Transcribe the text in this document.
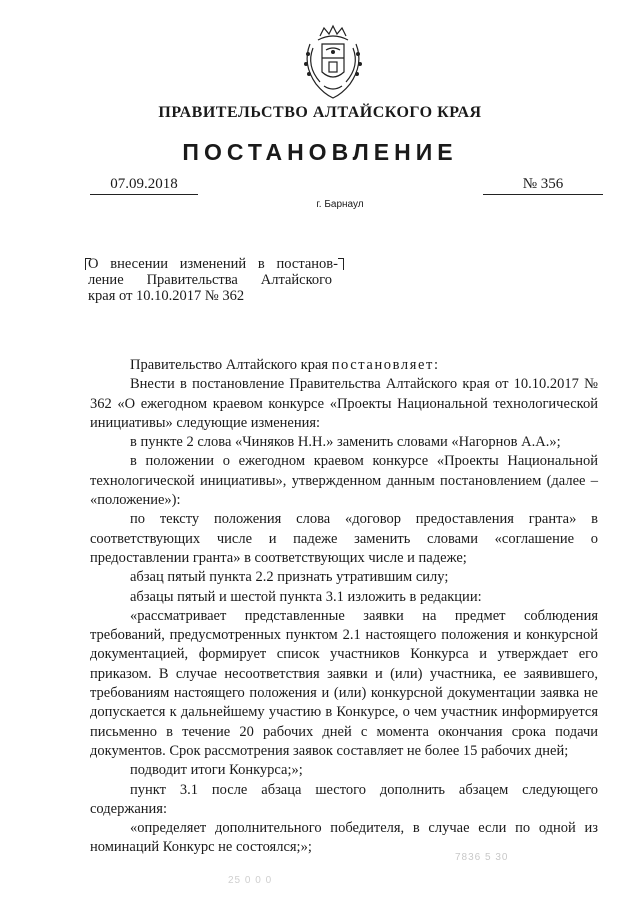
ПРАВИТЕЛЬСТВО АЛТАЙСКОГО КРАЯ
ПОСТАНОВЛЕНИЕ
07.09.2018	№ 356
г. Барнаул
О внесении изменений в постанов-
ление Правительства Алтайского
края от 10.10.2017 № 362

Правительство Алтайского края постановляет:

Внести в постановление Правительства Алтайского края от 10.10.2017 № 362 «О ежегодном краевом конкурсе «Проекты Национальной технологической инициативы» следующие изменения:

в пункте 2 слова «Чиняков Н.Н.» заменить словами «Нагорнов А.А.»;

в положении о ежегодном краевом конкурсе «Проекты Национальной технологической инициативы», утвержденном данным постановлением (далее – «положение»):

по тексту положения слова «договор предоставления гранта» в соответствующих числе и падеже заменить словами «соглашение о предоставлении гранта» в соответствующих числе и падеже;

абзац пятый пункта 2.2 признать утратившим силу;

абзацы пятый и шестой пункта 3.1 изложить в редакции:

«рассматривает представленные заявки на предмет соблюдения требований, предусмотренных пунктом 2.1 настоящего положения и конкурсной документацией, формирует список участников Конкурса и утверждает его приказом. В случае несоответствия заявки и (или) участника, ее заявившего, требованиям настоящего положения и (или) конкурсной документации заявка не допускается к дальнейшему участию в Конкурсе, о чем участник информируется письменно в течение 20 рабочих дней с момента окончания срока подачи документов. Срок рассмотрения заявок составляет не более 15 рабочих дней;

подводит итоги Конкурса;»;

пункт 3.1 после абзаца шестого дополнить абзацем следующего содержания:

«определяет дополнительного победителя, в случае если по одной из номинаций Конкурс не состоялся;»;

7836 5 30
25 0 0 0
